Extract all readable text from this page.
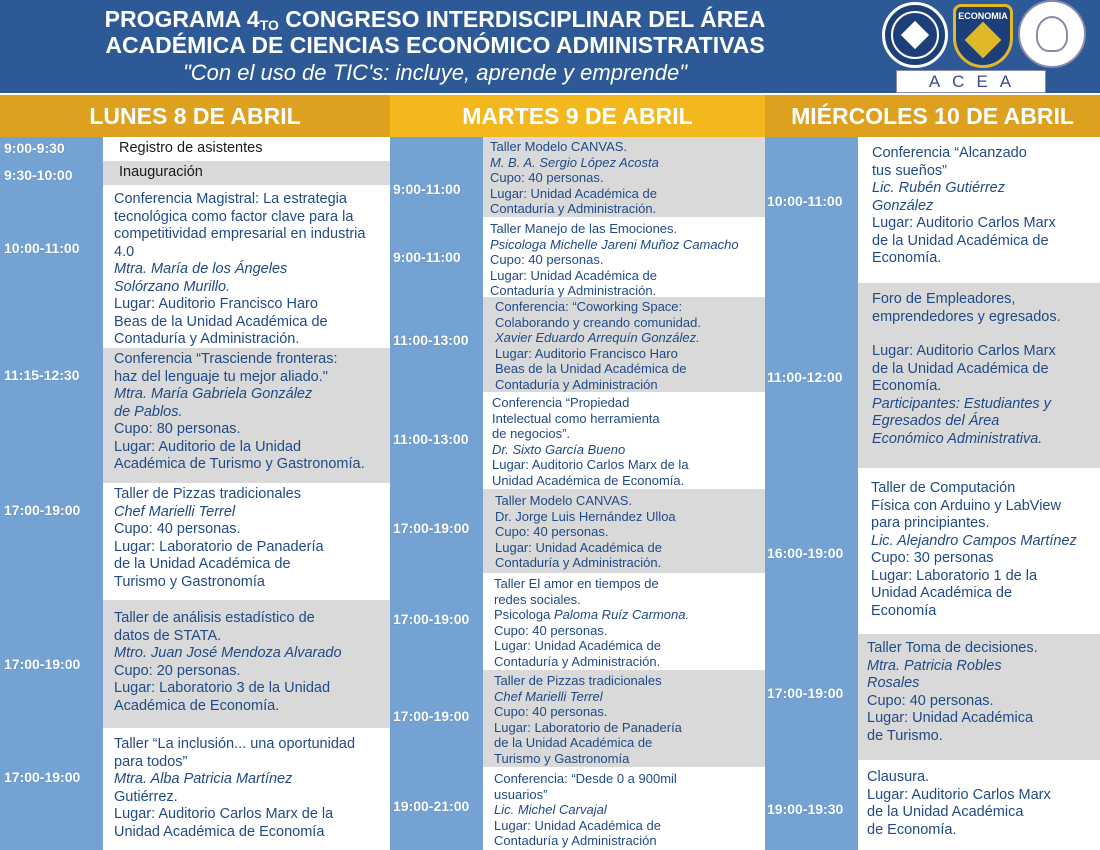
PROGRAMA $4_{TO}$ CONGRESO INTERDISCIPLINAR DEL ÁREA
ACADÉMICA DE CIENCIAS ECONÓMICO ADMINISTRATIVAS
"Con el uso de TIC's: incluye, aprende y emprende"
ECONOMIA
ACEA
LUNES 8 DE ABRIL	MARTES 9 DE ABRIL	MIÉRCOLES 10 DE ABRIL
Registro de asistentes
Inauguración
9:00-9:30
9:30-10:00
Conferencia Magistral: La estrategia
tecnológica como factor clave para la
competitividad empresarial en industria
4.0
Mtra. María de los Ángeles
Solórzano Murillo.
Lugar: Auditorio Francisco Haro
Beas de la Unidad Académica de
Contaduría y Administración.
10:00-11:00
Conferencia “Trasciende fronteras:
haz del lenguaje tu mejor aliado."
Mtra. María Gabriela González
de Pablos.
Cupo: 80 personas.
Lugar: Auditorio de la Unidad
Académica de Turismo y Gastronomía.
11:15-12:30
Taller de Pizzas tradicionales
Chef Marielli Terrel
Cupo: 40 personas.
Lugar: Laboratorio de Panadería
de la Unidad Académica de
Turismo y Gastronomía
17:00-19:00
Taller de análisis estadístico de
datos de STATA.
Mtro. Juan José Mendoza Alvarado
Cupo: 20 personas.
Lugar: Laboratorio 3 de la Unidad
Académica de Economía.
17:00-19:00
Taller “La inclusión... una oportunidad
para todos”
Mtra. Alba Patricia Martínez
Gutiérrez.
Lugar: Auditorio Carlos Marx de la
Unidad Académica de Economía
17:00-19:00
Taller Modelo CANVAS.
M. B. A. Sergio López Acosta
Cupo: 40 personas.
Lugar: Unidad Académica de
Contaduría y Administración.
9:00-11:00
Taller Manejo de las Emociones.
Psicologa Michelle Jareni Muñoz Camacho
Cupo: 40 personas.
Lugar: Unidad Académica de
Contaduría y Administración.
9:00-11:00
Conferencia: “Coworking Space:
Colaborando y creando comunidad.
Xavier Eduardo Arrequín González.
Lugar: Auditorio Francisco Haro
Beas de la Unidad Académica de
Contaduría y Administración
11:00-13:00
Conferencia “Propiedad
Intelectual como herramienta
de negocios”.
Dr. Sixto García Bueno
Lugar: Auditorio Carlos Marx de la
Unidad Académica de Economía.
11:00-13:00
Taller Modelo CANVAS.
Dr. Jorge Luis Hernández Ulloa
Cupo: 40 personas.
Lugar: Unidad Académica de
Contaduría y Administración.
17:00-19:00
Taller El amor en tiempos de
redes sociales.
Psicologa Paloma Ruíz Carmona.
Cupo: 40 personas.
Lugar: Unidad Académica de
Contaduría y Administración.
17:00-19:00
Taller de Pizzas tradicionales
Chef Marielli Terrel
Cupo: 40 personas.
Lugar: Laboratorio de Panadería
de la Unidad Académica de
Turismo y Gastronomía
17:00-19:00
Conferencia: “Desde 0 a 900mil
usuarios”
Lic. Michel Carvajal
Lugar: Unidad Académica de
Contaduría y Administración
19:00-21:00
Conferencia “Alcanzado
tus sueños”
Lic. Rubén Gutiérrez
González
Lugar: Auditorio Carlos Marx
de la Unidad Académica de
Economía.
10:00-11:00
Foro de Empleadores,
emprendedores y egresados.
Lugar: Auditorio Carlos Marx
de la Unidad Académica de
Economía.
Participantes: Estudiantes y
Egresados del Área
Económico Administrativa.
11:00-12:00
Taller de Computación
Física con Arduino y LabView
para principiantes.
Lic. Alejandro Campos Martínez
Cupo: 30 personas
Lugar: Laboratorio 1 de la
Unidad Académica de
Economía
16:00-19:00
Taller Toma de decisiones.
Mtra. Patricia Robles
Rosales
Cupo: 40 personas.
Lugar: Unidad Académica
de Turismo.
17:00-19:00
Clausura.
Lugar: Auditorio Carlos Marx
de la Unidad Académica
de Economía.
19:00-19:30
